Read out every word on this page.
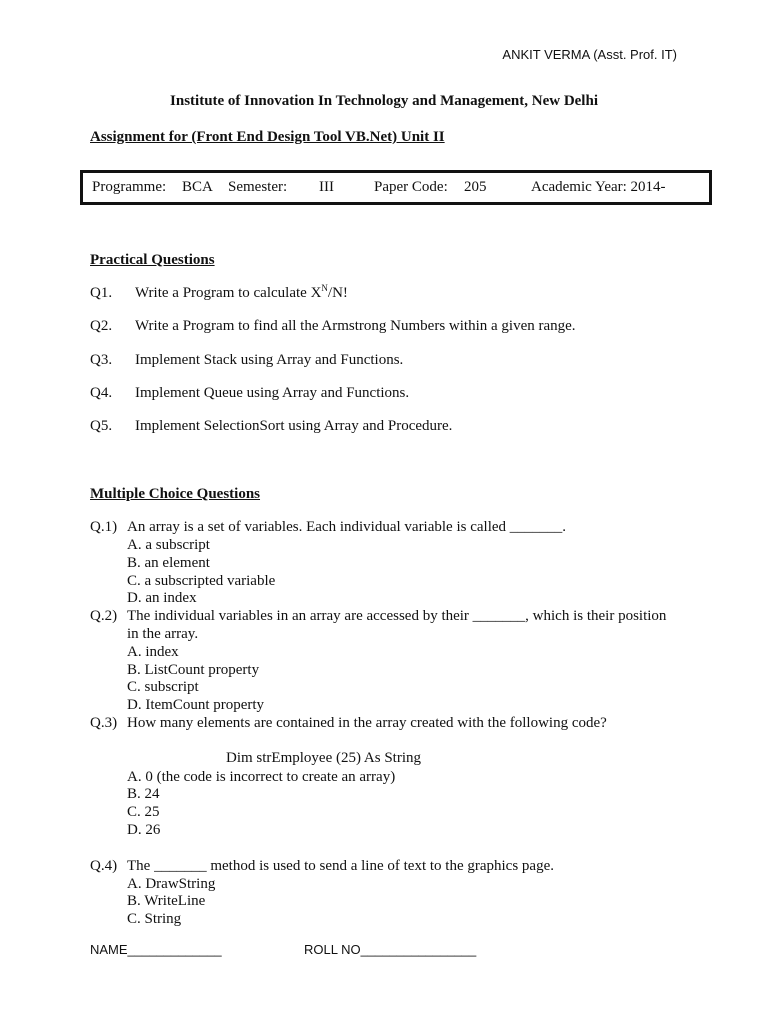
ANKIT VERMA (Asst. Prof. IT)
Institute of Innovation In Technology and Management, New Delhi
Assignment for (Front End Design Tool VB.Net) Unit II
Programme: BCA Semester: III	Paper Code: 205	Academic Year: 2014-
Practical Questions
Q1. Write a Program to calculate $X^N/N$!
Q2. Write a Program to find all the Armstrong Numbers within a given range.
Q3. Implement Stack using Array and Functions.
Q4. Implement Queue using Array and Functions.
Q5. Implement SelectionSort using Array and Procedure.
Multiple Choice Questions
Q.1) An array is a set of variables. Each individual variable is called _______.
A. a subscript
B. an element
C. a subscripted variable
D. an index
Q.2) The individual variables in an array are accessed by their _______, which is their position
in the array.
A. index
B. ListCount property
C. subscript
D. ItemCount property
Q.3) How many elements are contained in the array created with the following code?
Dim strEmployee (25) As String
A. 0 (the code is incorrect to create an array)
B. 24
C. 25
D. 26
Q.4) The _______ method is used to send a line of text to the graphics page.
A. DrawString
B. WriteLine
C. String
NAME_____________	ROLL NO________________
